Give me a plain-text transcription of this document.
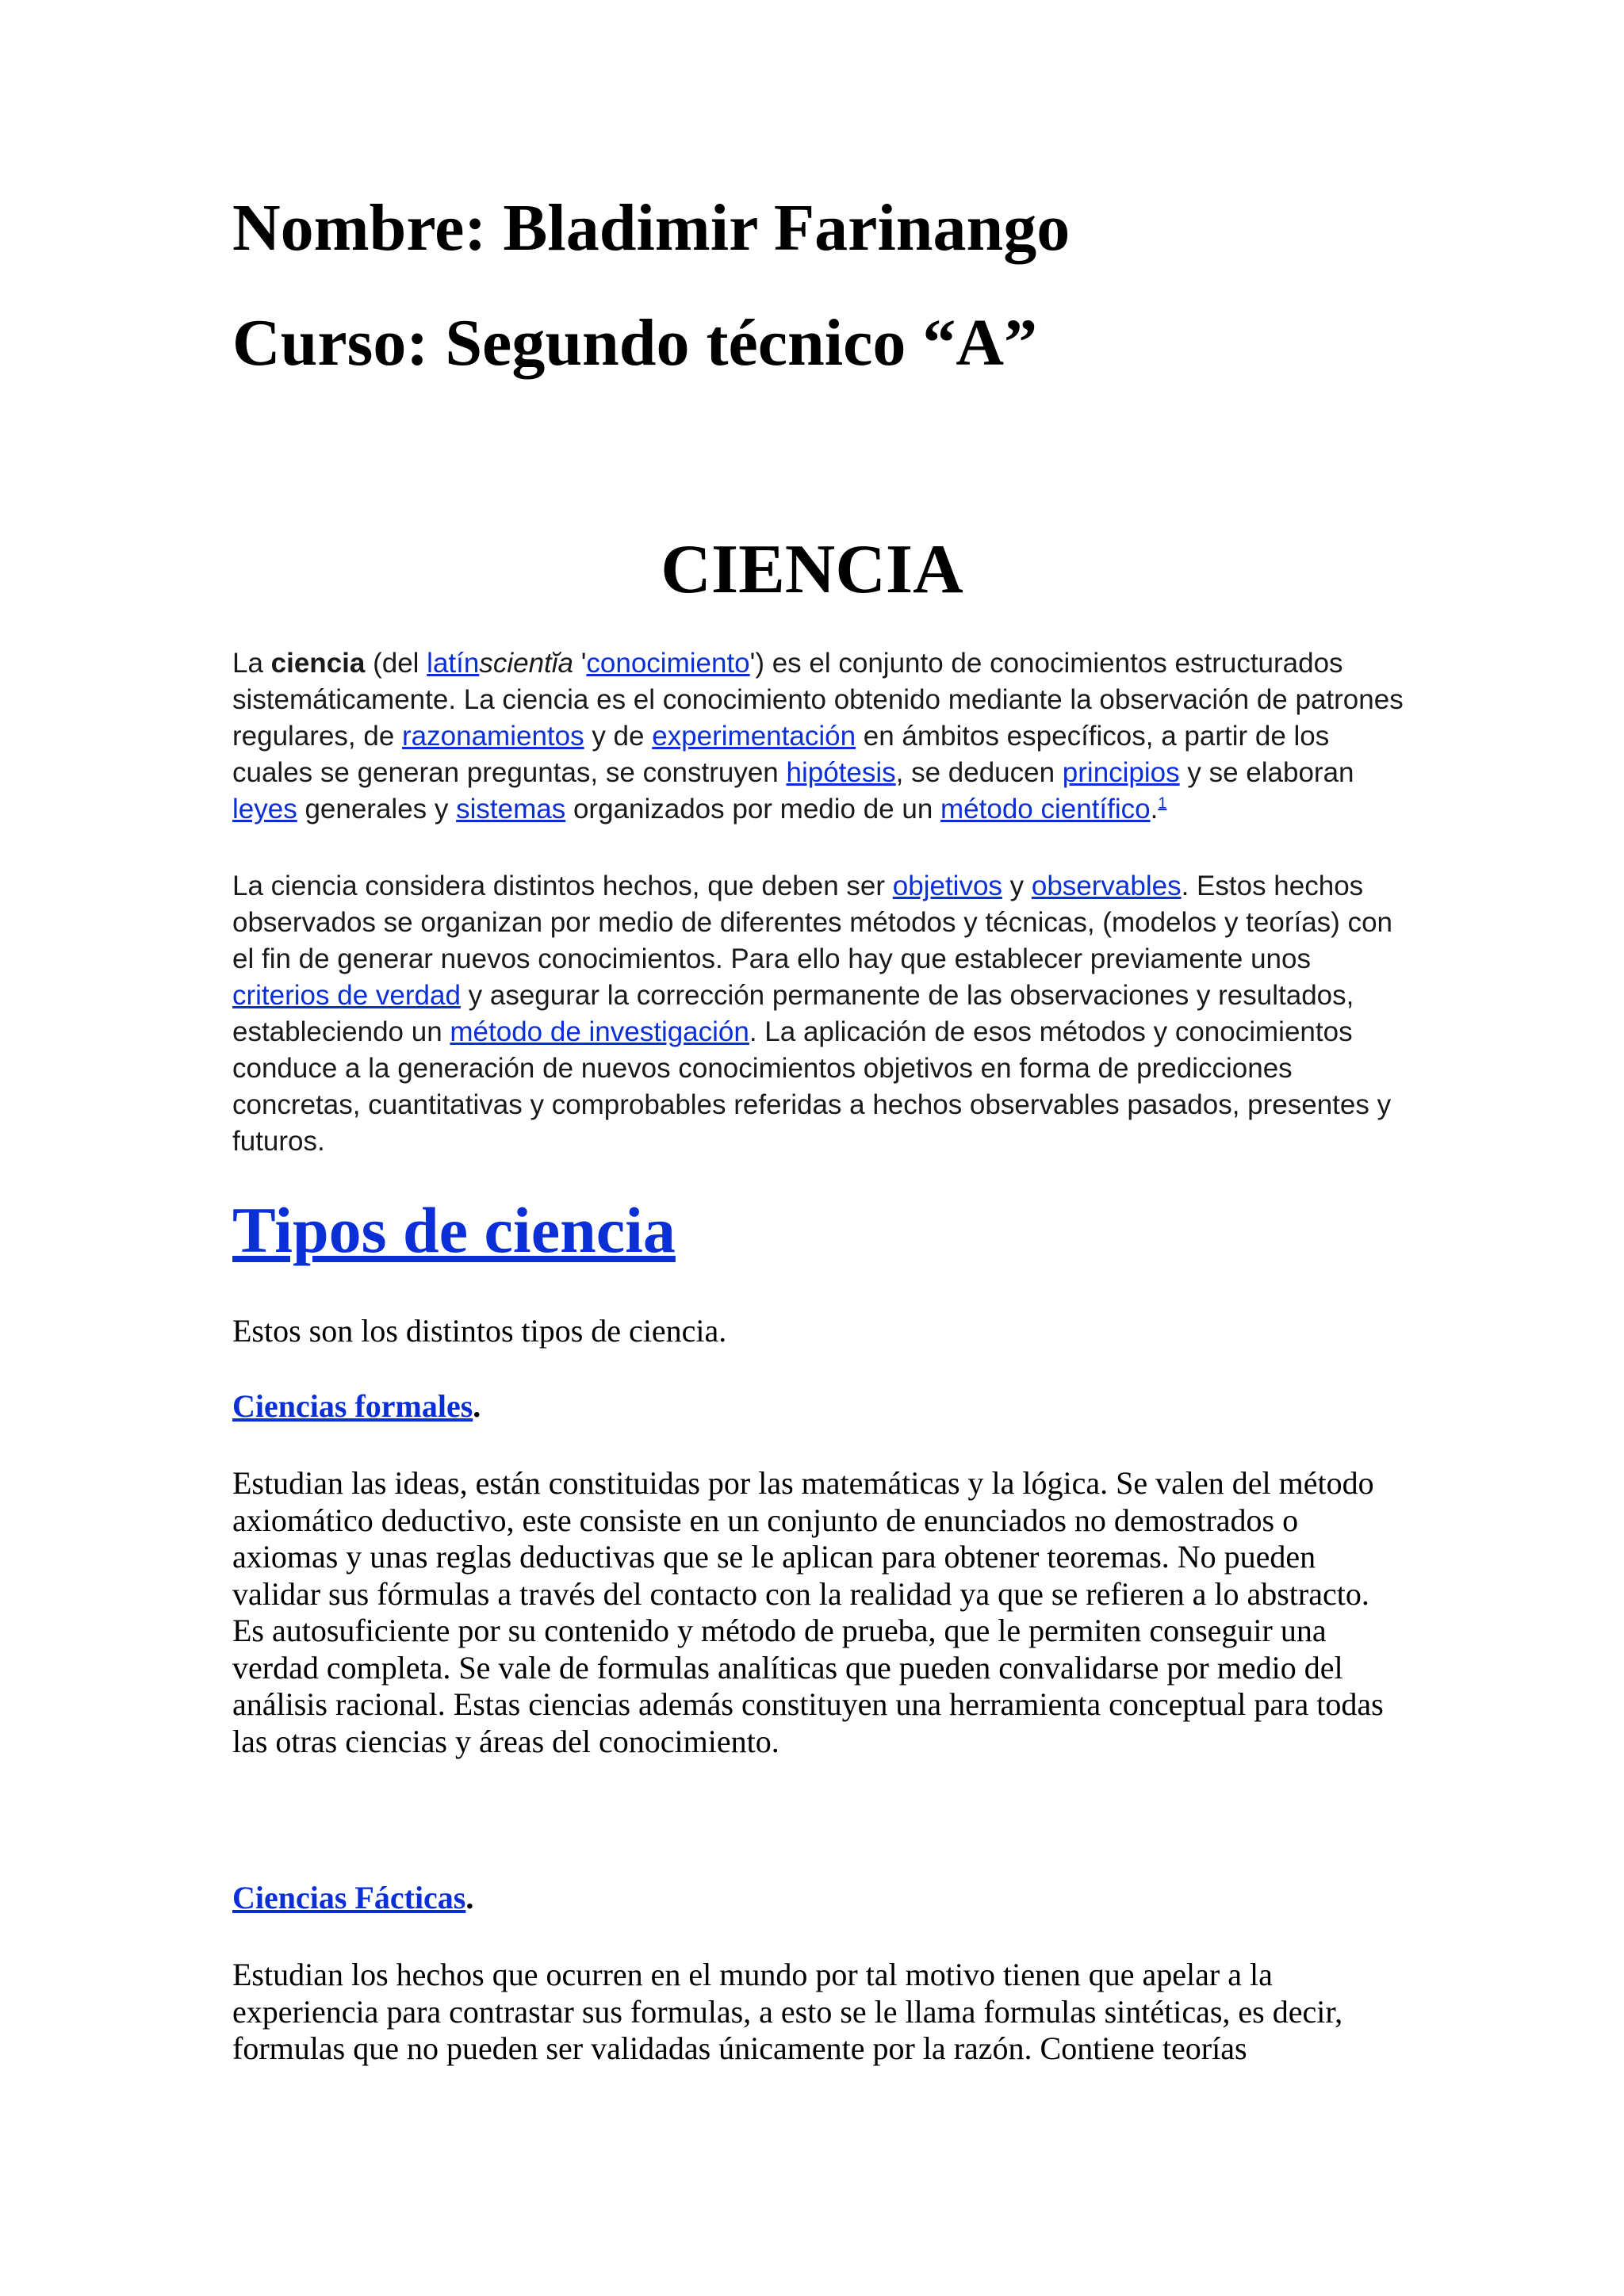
Nombre: Bladimir Farinango
Curso: Segundo técnico “A”
CIENCIA

La ciencia (del latínscientĭa 'conocimiento') es el conjunto de conocimientos estructurados sistemáticamente. La ciencia es el conocimiento obtenido mediante la observación de patrones regulares, de razonamientos y de experimentación en ámbitos específicos, a partir de los cuales se generan preguntas, se construyen hipótesis, se deducen principios y se elaboran leyes generales y sistemas organizados por medio de un método científico.$^1$

La ciencia considera distintos hechos, que deben ser objetivos y observables. Estos hechos observados se organizan por medio de diferentes métodos y técnicas, (modelos y teorías) con el fin de generar nuevos conocimientos. Para ello hay que establecer previamente unos criterios de verdad y asegurar la corrección permanente de las observaciones y resultados, estableciendo un método de investigación. La aplicación de esos métodos y conocimientos conduce a la generación de nuevos conocimientos objetivos en forma de predicciones concretas, cuantitativas y comprobables referidas a hechos observables pasados, presentes y futuros.

Tipos de ciencia

Estos son los distintos tipos de ciencia.

Ciencias formales.

Estudian las ideas, están constituidas por las matemáticas y la lógica. Se valen del método axiomático deductivo, este consiste en un conjunto de enunciados no demostrados o axiomas y unas reglas deductivas que se le aplican para obtener teoremas. No pueden validar sus fórmulas a través del contacto con la realidad ya que se refieren a lo abstracto. Es autosuficiente por su contenido y método de prueba, que le permiten conseguir una verdad completa. Se vale de formulas analíticas que pueden convalidarse por medio del análisis racional. Estas ciencias además constituyen una herramienta conceptual para todas las otras ciencias y áreas del conocimiento.

Ciencias Fácticas.

Estudian los hechos que ocurren en el mundo por tal motivo tienen que apelar a la experiencia para contrastar sus formulas, a esto se le llama formulas sintéticas, es decir, formulas que no pueden ser validadas únicamente por la razón. Contiene teorías
